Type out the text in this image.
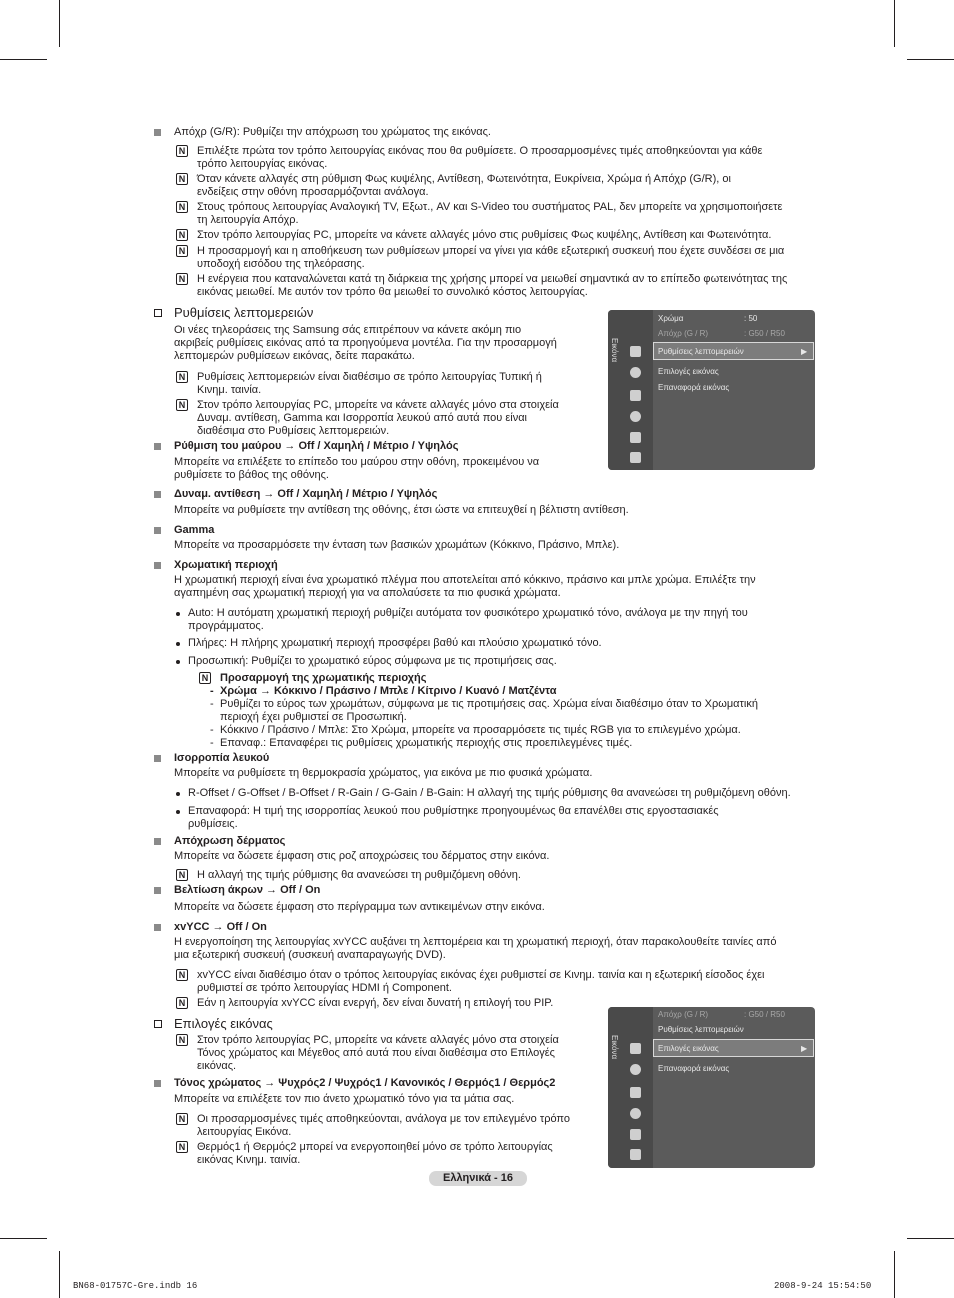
Απόχρ (G/R): Ρυθμίζει την απόχρωση του χρώματος της εικόνας.
N Επιλέξτε πρώτα τον τρόπο λειτουργίας εικόνας που θα ρυθμίσετε. Ο προσαρμοσμένες τιμές αποθηκεύονται για κάθε
τρόπο λειτουργίας εικόνας.
N Όταν κάνετε αλλαγές στη ρύθμιση Φως κυψέλης, Αντίθεση, Φωτεινότητα, Ευκρίνεια, Χρώμα ή Απόχρ (G/R), οι
ενδείξεις στην οθόνη προσαρμόζονται ανάλογα.
N Στους τρόπους λειτουργίας Αναλογική TV, Εξωτ., AV και S-Video του συστήματος PAL, δεν μπορείτε να χρησιμοποιήσετε
τη λειτουργία Απόχρ.
N Στον τρόπο λειτουργίας PC, μπορείτε να κάνετε αλλαγές μόνο στις ρυθμίσεις Φως κυψέλης, Αντίθεση και Φωτεινότητα.
N Η προσαρμογή και η αποθήκευση των ρυθμίσεων μπορεί να γίνει για κάθε εξωτερική συσκευή που έχετε συνδέσει σε μια
υποδοχή εισόδου της τηλεόρασης.
N Η ενέργεια που καταναλώνεται κατά τη διάρκεια της χρήσης μπορεί να μειωθεί σημαντικά αν το επίπεδο φωτεινότητας της
εικόνας μειωθεί. Με αυτόν τον τρόπο θα μειωθεί το συνολικό κόστος λειτουργίας.
Ρυθμίσεις λεπτομερειών
Οι νέες τηλεοράσεις της Samsung σάς επιτρέπουν να κάνετε ακόμη πιο
ακριβείς ρυθμίσεις εικόνας από τα προηγούμενα μοντέλα. Για την προσαρμογή
λεπτομερών ρυθμίσεων εικόνας, δείτε παρακάτω.
N Ρυθμίσεις λεπτομερειών είναι διαθέσιμο σε τρόπο λειτουργίας Τυπική ή
Κινημ. ταινία.
N Στον τρόπο λειτουργίας PC, μπορείτε να κάνετε αλλαγές μόνο στα στοιχεία
Δυναμ. αντίθεση, Gamma και Ισορροπία λευκού από αυτά που είναι
διαθέσιμα στο Ρυθμίσεις λεπτομερειών.
Ρύθμιση του μαύρου → Off / Χαμηλή / Μέτριο / Υψηλός
Μπορείτε να επιλέξετε το επίπεδο του μαύρου στην οθόνη, προκειμένου να
ρυθμίσετε το βάθος της οθόνης.
Δυναμ. αντίθεση → Off / Χαμηλή / Μέτριο / Υψηλός
Μπορείτε να ρυθμίσετε την αντίθεση της οθόνης, έτσι ώστε να επιτευχθεί η βέλτιστη αντίθεση.
Gamma
Μπορείτε να προσαρμόσετε την ένταση των βασικών χρωμάτων (Κόκκινο, Πράσινο, Μπλε).
Χρωματική περιοχή
Η χρωματική περιοχή είναι ένα χρωματικό πλέγμα που αποτελείται από κόκκινο, πράσινο και μπλε χρώμα. Επιλέξτε την
αγαπημένη σας χρωματική περιοχή για να απολαύσετε τα πιο φυσικά χρώματα.
Auto: Η αυτόματη χρωματική περιοχή ρυθμίζει αυτόματα τον φυσικότερο χρωματικό τόνο, ανάλογα με την πηγή του
προγράμματος.
Πλήρες: Η πλήρης χρωματική περιοχή προσφέρει βαθύ και πλούσιο χρωματικό τόνο.
Προσωπική: Ρυθμίζει το χρωματικό εύρος σύμφωνα με τις προτιμήσεις σας.
N Προσαρμογή της χρωματικής περιοχής
- Χρώμα → Κόκκινο / Πράσινο / Μπλε / Κίτρινο / Κυανό / Ματζέντα
- Ρυθμίζει το εύρος των χρωμάτων, σύμφωνα με τις προτιμήσεις σας. Χρώμα είναι διαθέσιμο όταν το Χρωματική
περιοχή έχει ρυθμιστεί σε Προσωπική.
- Κόκκινο / Πράσινο / Μπλε: Στο Χρώμα, μπορείτε να προσαρμόσετε τις τιμές RGB για το επιλεγμένο χρώμα.
- Επαναφ.: Επαναφέρει τις ρυθμίσεις χρωματικής περιοχής στις προεπιλεγμένες τιμές.
Ισορροπία λευκού
Μπορείτε να ρυθμίσετε τη θερμοκρασία χρώματος, για εικόνα με πιο φυσικά χρώματα.
R-Offset / G-Offset / B-Offset / R-Gain / G-Gain / B-Gain: Η αλλαγή της τιμής ρύθμισης θα ανανεώσει τη ρυθμιζόμενη οθόνη.
Επαναφορά: Η τιμή της ισορροπίας λευκού που ρυθμίστηκε προηγουμένως θα επανέλθει στις εργοστασιακές
ρυθμίσεις.
Απόχρωση δέρματος
Μπορείτε να δώσετε έμφαση στις ροζ αποχρώσεις του δέρματος στην εικόνα.
N Η αλλαγή της τιμής ρύθμισης θα ανανεώσει τη ρυθμιζόμενη οθόνη.
Βελτίωση άκρων → Off / On
Μπορείτε να δώσετε έμφαση στο περίγραμμα των αντικειμένων στην εικόνα.
xvYCC → Off / On
Η ενεργοποίηση της λειτουργίας xvYCC αυξάνει τη λεπτομέρεια και τη χρωματική περιοχή, όταν παρακολουθείτε ταινίες από
μια εξωτερική συσκευή (συσκευή αναπαραγωγής DVD).
N xvYCC είναι διαθέσιμο όταν ο τρόπος λειτουργίας εικόνας έχει ρυθμιστεί σε Κινημ. ταινία και η εξωτερική είσοδος έχει
ρυθμιστεί σε τρόπο λειτουργίας HDMI ή Component.
N Εάν η λειτουργία xvYCC είναι ενεργή, δεν είναι δυνατή η επιλογή του PIP.
Επιλογές εικόνας
N Στον τρόπο λειτουργίας PC, μπορείτε να κάνετε αλλαγές μόνο στα στοιχεία
Τόνος χρώματος και Μέγεθος από αυτά που είναι διαθέσιμα στο Επιλογές
εικόνας.
Τόνος χρώματος → Ψυχρός2 / Ψυχρός1 / Κανονικός / Θερμός1 / Θερμός2
Μπορείτε να επιλέξετε τον πιο άνετο χρωματικό τόνο για τα μάτια σας.
N Οι προσαρμοσμένες τιμές αποθηκεύονται, ανάλογα με τον επιλεγμένο τρόπο
λειτουργίας Εικόνα.
N Θερμός1 ή Θερμός2 μπορεί να ενεργοποιηθεί μόνο σε τρόπο λειτουργίας
εικόνας Κινημ. ταινία.
Εικόνα
Χρώμα	: 50
Απόχρ (G / R)	: G50 / R50
Ρυθμίσεις λεπτομερειών	▶
Επιλογές εικόνας
Επαναφορά εικόνας
Εικόνα
Απόχρ (G / R)	: G50 / R50
Ρυθμίσεις λεπτομερειών
Επιλογές εικόνας	▶
Επαναφορά εικόνας
Ελληνικά - 16
BN68-01757C-Gre.indb 16	2008-9-24 15:54:50
